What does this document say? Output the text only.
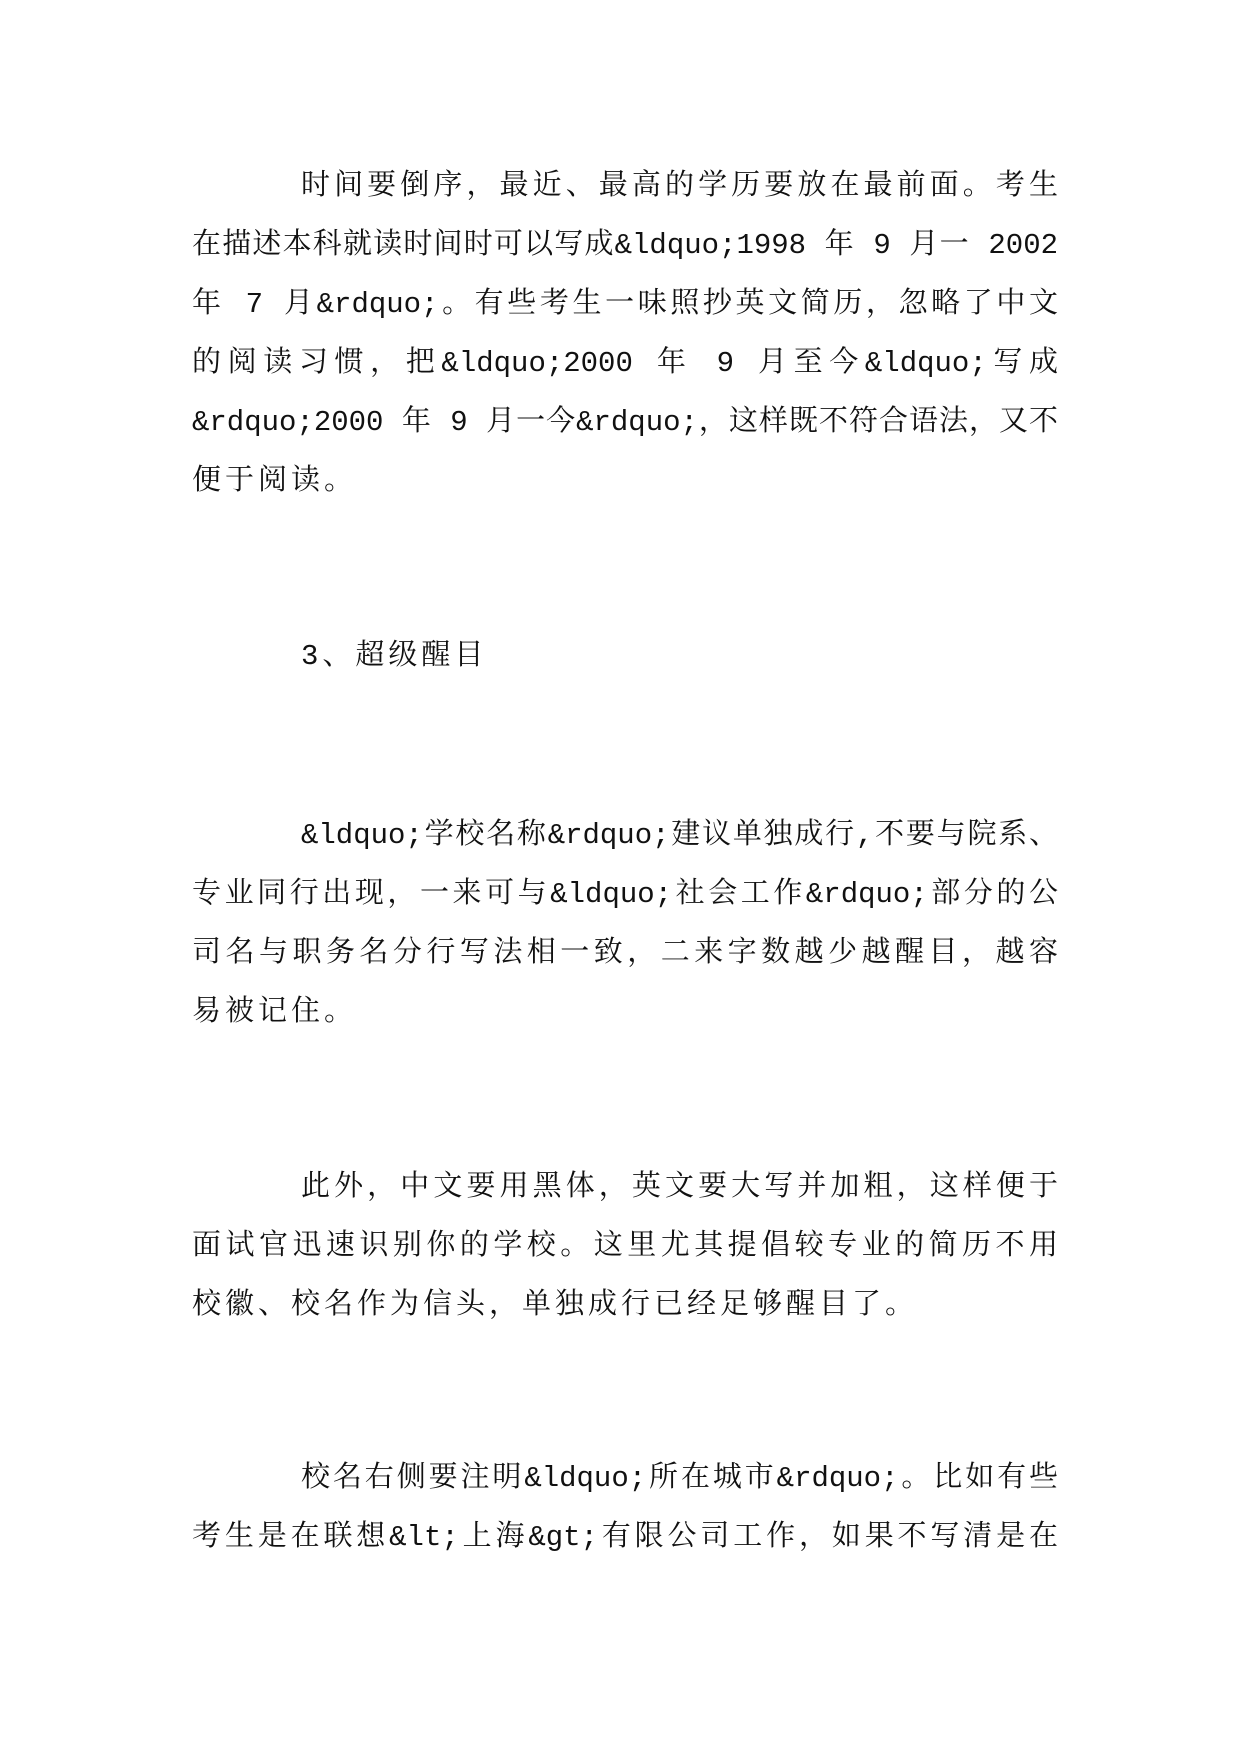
时间要倒序，最近、最高的学历要放在最前面。考生
在描述本科就读时间时可以写成&ldquo;1998 年 9 月一 2002
年 7 月&rdquo;。有些考生一味照抄英文简历，忽略了中文
的阅读习惯，把&ldquo;2000 年 9 月至今&ldquo;写成
&rdquo;2000 年 9 月一今&rdquo;，这样既不符合语法，又不
便于阅读。
3、超级醒目
&ldquo;学校名称&rdquo;建议单独成行,不要与院系、
专业同行出现，一来可与&ldquo;社会工作&rdquo;部分的公
司名与职务名分行写法相一致，二来字数越少越醒目，越容
易被记住。
此外，中文要用黑体，英文要大写并加粗，这样便于
面试官迅速识别你的学校。这里尤其提倡较专业的简历不用
校徽、校名作为信头，单独成行已经足够醒目了。
校名右侧要注明&ldquo;所在城市&rdquo;。比如有些
考生是在联想&lt;上海&gt;有限公司工作，如果不写清是在
